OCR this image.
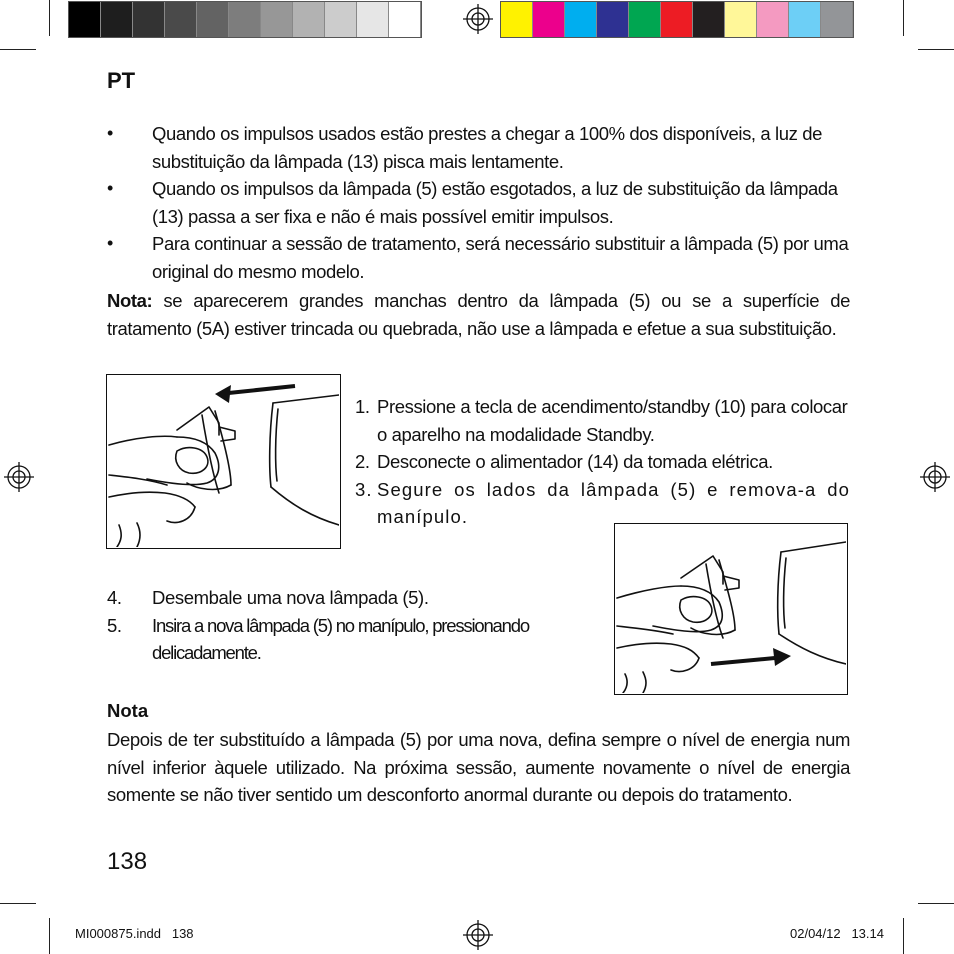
PT
•	Quando os impulsos usados estão prestes a chegar a 100% dos disponíveis, a luz de substituição da lâmpada (13) pisca mais lentamente.
•	Quando os impulsos da lâmpada (5) estão esgotados, a luz de substituição da lâmpada (13) passa a ser fixa e não é mais possível emitir impulsos.
•	Para continuar a sessão de tratamento, será necessário substituir a lâmpada (5) por uma original do mesmo modelo.
Nota: se aparecerem grandes manchas dentro da lâmpada (5) ou se a superfície de tratamento (5A) estiver trincada ou quebrada, não use a lâmpada e efetue a sua substituição.
1. Pressione a tecla de acendimento/standby (10) para colocar o aparelho na modalidade Standby.
2. Desconecte o alimentador (14) da tomada elétrica.
3. Segure os lados da lâmpada (5) e remova-a do manípulo.
4.	Desembale uma nova lâmpada (5).
5.	Insira a nova lâmpada (5) no manípulo, pressionando delicadamente.
Nota
Depois de ter substituído a lâmpada (5) por uma nova, defina sempre o nível de energia num nível inferior àquele utilizado. Na próxima sessão, aumente novamente o nível de energia somente se não tiver sentido um desconforto anormal durante ou depois do tratamento.
138
MI000875.indd   138	02/04/12   13.14
